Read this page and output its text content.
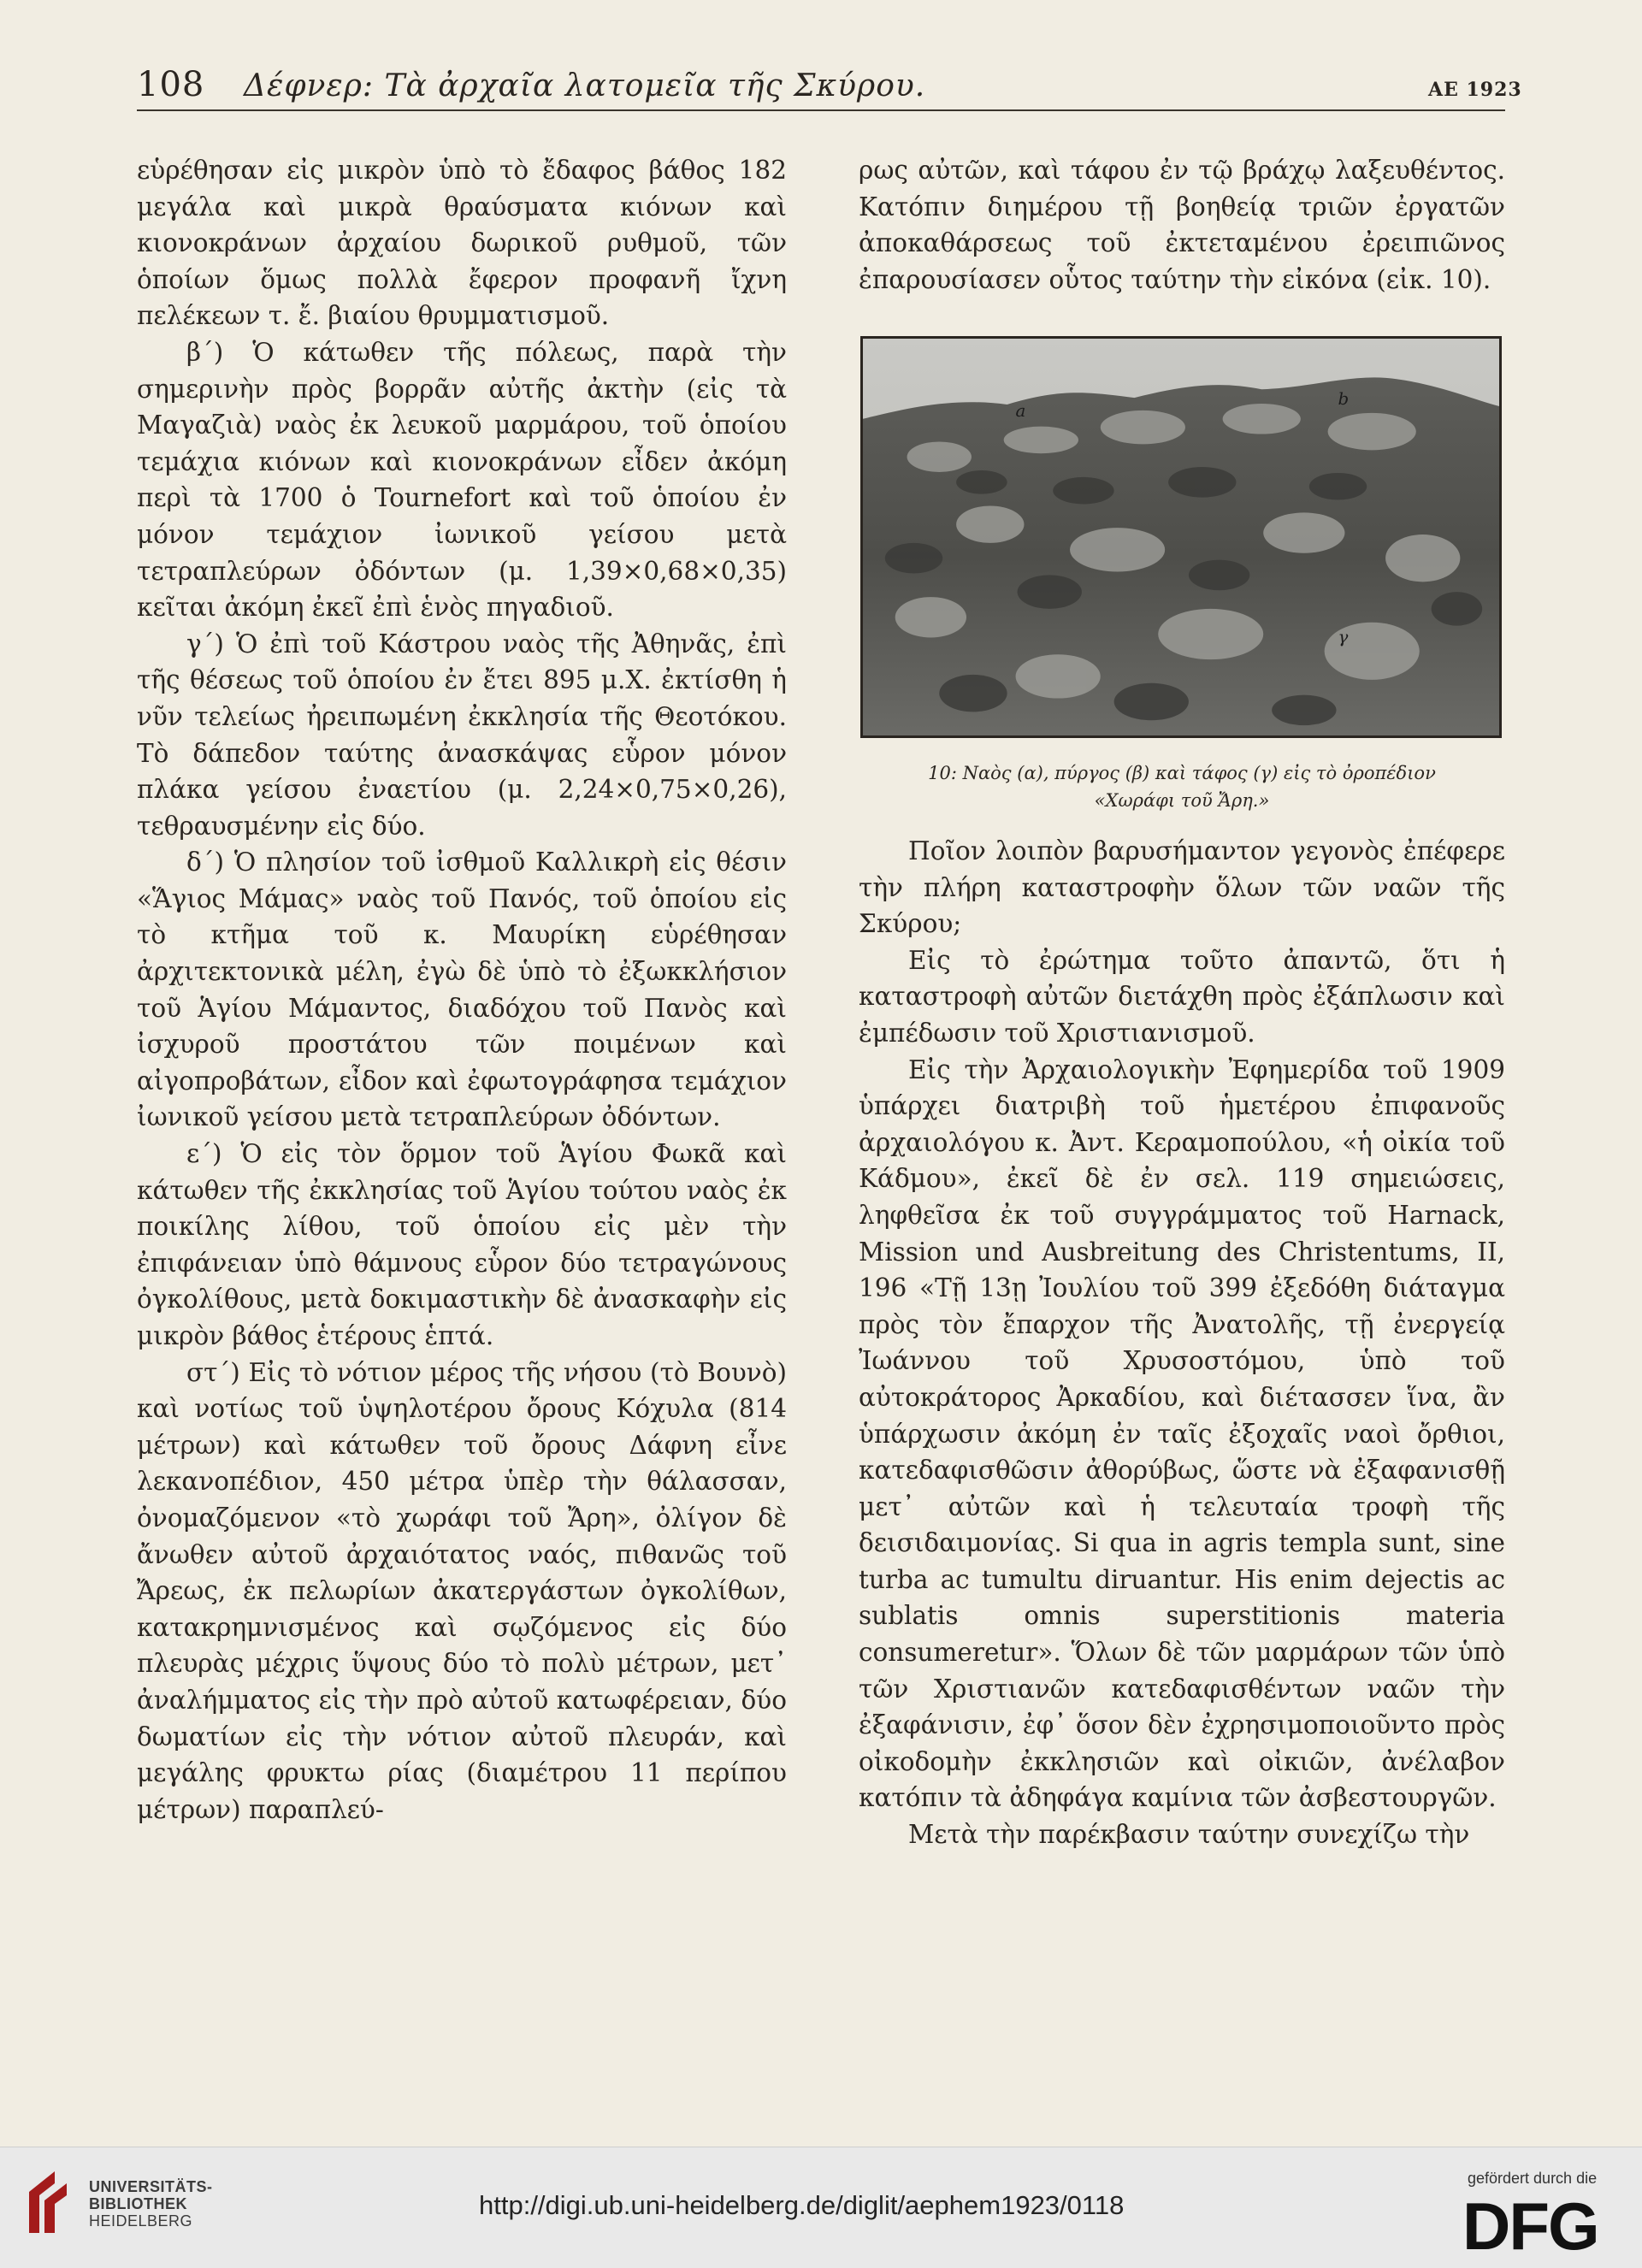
108 Δέφνερ: Τὰ ἀρχαῖα λατομεῖα τῆς Σκύρου.	ΑΕ 1923

εὑρέθησαν εἰς μικρὸν ὑπὸ τὸ ἔδαφος βάθος 182 μεγάλα καὶ μικρὰ θραύσματα κιόνων καὶ κιονοκράνων ἀρχαίου δωρικοῦ ρυθμοῦ, τῶν ὁποίων ὅμως πολλὰ ἔφερον προφανῆ ἴχνη πελέκεων τ. ἔ. βιαίου θρυμματισμοῦ.

β΄) Ὁ κάτωθεν τῆς πόλεως, παρὰ τὴν σημερινὴν πρὸς βορρᾶν αὐτῆς ἀκτὴν (εἰς τὰ Μαγαζιὰ) ναὸς ἐκ λευκοῦ μαρμάρου, τοῦ ὁποίου τεμάχια κιόνων καὶ κιονοκράνων εἶδεν ἀκόμη περὶ τὰ 1700 ὁ Tournefort καὶ τοῦ ὁποίου ἐν μόνον τεμάχιον ἰωνικοῦ γείσου μετὰ τετραπλεύρων ὀδόντων (μ. 1,39×0,68×0,35) κεῖται ἀκόμη ἐκεῖ ἐπὶ ἑνὸς πηγαδιοῦ.

γ΄) Ὁ ἐπὶ τοῦ Κάστρου ναὸς τῆς Ἀθηνᾶς, ἐπὶ τῆς θέσεως τοῦ ὁποίου ἐν ἔτει 895 μ.Χ. ἐκτίσθη ἡ νῦν τελείως ἠρειπωμένη ἐκκλησία τῆς Θεοτόκου. Τὸ δάπεδον ταύτης ἀνασκάψας εὗρον μόνον πλάκα γείσου ἐναετίου (μ. 2,24×0,75×0,26), τεθραυσμένην εἰς δύο.

δ΄) Ὁ πλησίον τοῦ ἰσθμοῦ Καλλικρὴ εἰς θέσιν «Ἅγιος Μάμας» ναὸς τοῦ Πανός, τοῦ ὁποίου εἰς τὸ κτῆμα τοῦ κ. Μαυρίκη εὑρέθησαν ἀρχιτεκτονικὰ μέλη, ἐγὼ δὲ ὑπὸ τὸ ἐξωκκλήσιον τοῦ Ἁγίου Μάμαντος, διαδόχου τοῦ Πανὸς καὶ ἰσχυροῦ προστάτου τῶν ποιμένων καὶ αἰγοπροβάτων, εἶδον καὶ ἐφωτογράφησα τεμάχιον ἰωνικοῦ γείσου μετὰ τετραπλεύρων ὀδόντων.

ε΄) Ὁ εἰς τὸν ὅρμον τοῦ Ἁγίου Φωκᾶ καὶ κάτωθεν τῆς ἐκκλησίας τοῦ Ἁγίου τούτου ναὸς ἐκ ποικίλης λίθου, τοῦ ὁποίου εἰς μὲν τὴν ἐπιφάνειαν ὑπὸ θάμνους εὗρον δύο τετραγώνους ὀγκολίθους, μετὰ δοκιμαστικὴν δὲ ἀνασκαφὴν εἰς μικρὸν βάθος ἑτέρους ἑπτά.

στ΄) Εἰς τὸ νότιον μέρος τῆς νήσου (τὸ Βουνὸ) καὶ νοτίως τοῦ ὑψηλοτέρου ὄρους Κόχυλα (814 μέτρων) καὶ κάτωθεν τοῦ ὄρους Δάφνη εἶνε λεκανοπέδιον, 450 μέτρα ὑπὲρ τὴν θάλασσαν, ὀνομαζόμενον «τὸ χωράφι τοῦ Ἄρη», ὀλίγον δὲ ἄνωθεν αὐτοῦ ἀρχαιότατος ναός, πιθανῶς τοῦ Ἄρεως, ἐκ πελωρίων ἀκατεργάστων ὀγκολίθων, κατακρημνισμένος καὶ σῳζόμενος εἰς δύο πλευρὰς μέχρις ὕψους δύο τὸ πολὺ μέτρων, μετ᾽ ἀναλήμματος εἰς τὴν πρὸ αὐτοῦ κατωφέρειαν, δύο δωματίων εἰς τὴν νότιον αὐτοῦ πλευράν, καὶ μεγάλης φρυκτω ρίας (διαμέτρου 11 περίπου μέτρων) παραπλεύ-

ρως αὐτῶν, καὶ τάφου ἐν τῷ βράχῳ λαξευθέντος. Κατόπιν διημέρου τῇ βοηθείᾳ τριῶν ἐργατῶν ἀποκαθάρσεως τοῦ ἐκτεταμένου ἐρειπιῶνος ἐπαρουσίασεν οὗτος ταύτην τὴν εἰκόνα (εἰκ. 10).

a
b
γ
10: Ναὸς (α), πύργος (β) καὶ τάφος (γ) εἰς τὸ ὀροπέδιον
«Χωράφι τοῦ Ἄρη.»

Ποῖον λοιπὸν βαρυσήμαντον γεγονὸς ἐπέφερε τὴν πλήρη καταστροφὴν ὅλων τῶν ναῶν τῆς Σκύρου;

Εἰς τὸ ἐρώτημα τοῦτο ἀπαντῶ, ὅτι ἡ καταστροφὴ αὐτῶν διετάχθη πρὸς ἐξάπλωσιν καὶ ἐμπέδωσιν τοῦ Χριστιανισμοῦ.

Εἰς τὴν Ἀρχαιολογικὴν Ἐφημερίδα τοῦ 1909 ὑπάρχει διατριβὴ τοῦ ἡμετέρου ἐπιφανοῦς ἀρχαιολόγου κ. Ἀντ. Κεραμοπούλου, «ἡ οἰκία τοῦ Κάδμου», ἐκεῖ δὲ ἐν σελ. 119 σημειώσεις, ληφθεῖσα ἐκ τοῦ συγγράμματος τοῦ Harnack, Mission und Ausbreitung des Christentums, II, 196 «Τῇ 13ῃ Ἰουλίου τοῦ 399 ἐξεδόθη διάταγμα πρὸς τὸν ἔπαρχον τῆς Ἀνατολῆς, τῇ ἐνεργείᾳ Ἰωάννου τοῦ Χρυσοστόμου, ὑπὸ τοῦ αὐτοκράτορος Ἀρκαδίου, καὶ διέτασσεν ἵνα, ἂν ὑπάρχωσιν ἀκόμη ἐν ταῖς ἐξοχαῖς ναοὶ ὄρθιοι, κατεδαφισθῶσιν ἀθορύβως, ὥστε νὰ ἐξαφανισθῇ μετ᾽ αὐτῶν καὶ ἡ τελευταία τροφὴ τῆς δεισιδαιμονίας. Si qua in agris templa sunt, sine turba ac tumultu diruantur. His enim dejectis ac sublatis omnis superstitionis materia consumeretur». Ὅλων δὲ τῶν μαρμάρων τῶν ὑπὸ τῶν Χριστιανῶν κατεδαφισθέντων ναῶν τὴν ἐξαφάνισιν, ἐφ᾽ ὅσον δὲν ἐχρησιμοποιοῦντο πρὸς οἰκοδομὴν ἐκκλησιῶν καὶ οἰκιῶν, ἀνέλαβον κατόπιν τὰ ἀδηφάγα καμίνια τῶν ἀσβεστουργῶν.

Μετὰ τὴν παρέκβασιν ταύτην συνεχίζω τὴν

UNIVERSITÄTS-
BIBLIOTHEK
HEIDELBERG
http://digi.ub.uni-heidelberg.de/diglit/aephem1923/0118
gefördert durch die
DFG
